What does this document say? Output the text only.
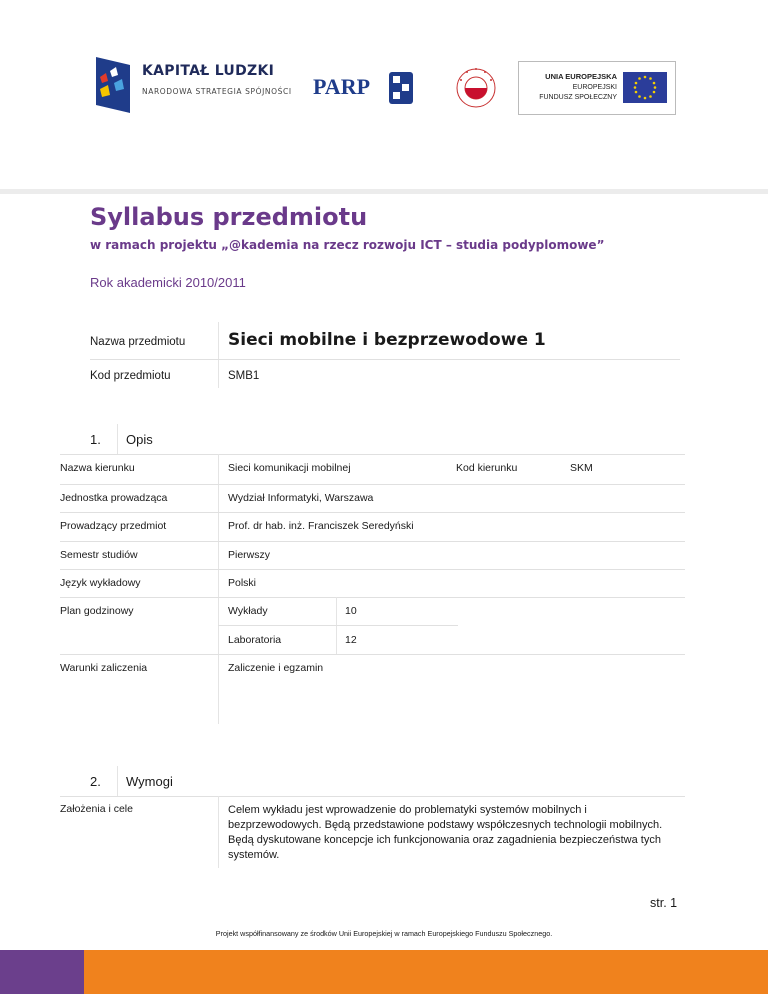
KAPITAŁ LUDZKI
NARODOWA STRATEGIA SPÓJNOŚCI PARP	UNIA EUROPEJSKA
EUROPEJSKI
FUNDUSZ SPOŁECZNY
Syllabus przedmiotu
w ramach projektu „@kademia na rzecz rozwoju ICT – studia podyplomowe”
Rok akademicki 2010/2011
Nazwa przedmiotu	Sieci mobilne i bezprzewodowe 1
Kod przedmiotu	SMB1
1. Opis
Nazwa kierunku	Sieci komunikacji mobilnej	Kod kierunku	SKM
Jednostka prowadząca	Wydział Informatyki, Warszawa
Prowadzący przedmiot	Prof. dr hab. inż. Franciszek Seredyński
Semestr studiów	Pierwszy
Język wykładowy	Polski
Plan godzinowy	Wykłady	10
Laboratoria	12
Warunki zaliczenia	Zaliczenie i egzamin
2. Wymogi
Założenia i cele	Celem wykładu jest wprowadzenie do problematyki systemów mobilnych i bezprzewodowych. Będą przedstawione podstawy współczesnych technologii mobilnych. Będą dyskutowane koncepcje ich funkcjonowania oraz zagadnienia bezpieczeństwa tych systemów.
str. 1
Projekt współfinansowany ze środków Unii Europejskiej w ramach Europejskiego Funduszu Społecznego.
